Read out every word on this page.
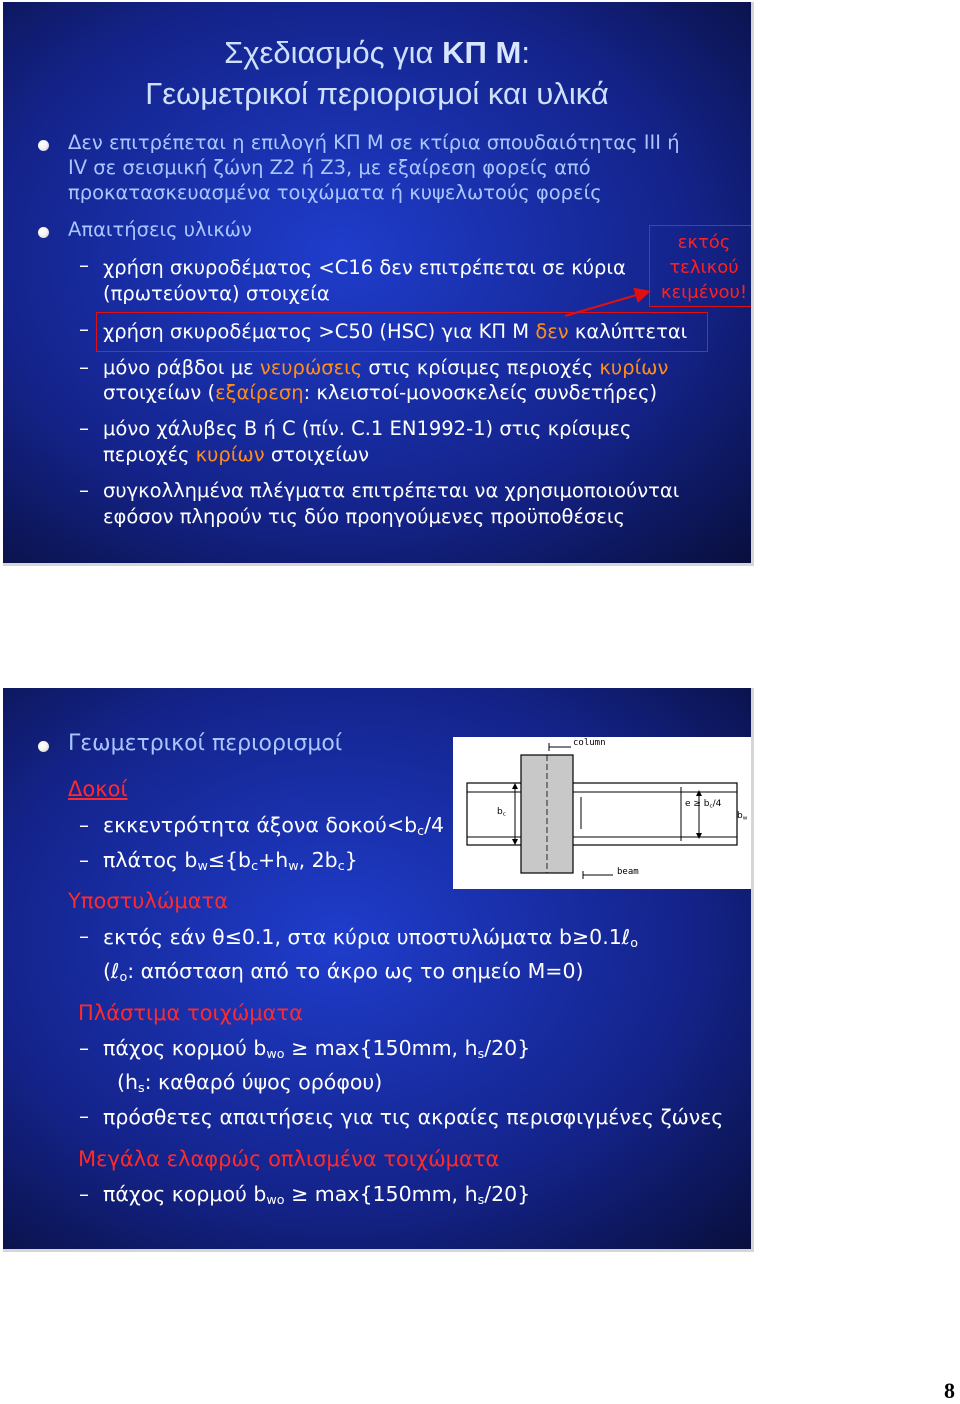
Σχεδιασμός για ΚΠ Μ:
Γεωμετρικοί περιορισμοί και υλικά
Δεν επιτρέπεται η επιλογή ΚΠ Μ σε κτίρια σπουδαιότητας ΙΙΙ ή
IV σε σεισμική ζώνη Ζ2 ή Ζ3, με εξαίρεση φορείς από
προκατασκευασμένα τοιχώματα ή κυψελωτούς φορείς
Απαιτήσεις υλικών
– χρήση σκυροδέματος <C16 δεν επιτρέπεται σε κύρια
(πρωτεύοντα) στοιχεία
εκτός
τελικού
κειμένου!
– χρήση σκυροδέματος >C50 (HSC) για ΚΠ Μ δεν καλύπτεται
– μόνο ράβδοι με νευρώσεις στις κρίσιμες περιοχές κυρίων
στοιχείων (εξαίρεση: κλειστοί-μονοσκελείς συνδετήρες)
– μόνο χάλυβες B ή C (πίν. C.1 EN1992-1) στις κρίσιμες
περιοχές κυρίων στοιχείων
– συγκολλημένα πλέγματα επιτρέπεται να χρησιμοποιούνται
εφόσον πληρούν τις δύο προηγούμενες προϋποθέσεις
Γεωμετρικοί περιορισμοί
Δοκοί
– εκκεντρότητα άξονα $\delta o\kappa oύ<b_c/4$
– πλάτος $b_w\le\{b_c+h_w$, $2b_c$}
Υποστυλώματα
– εκτός εάν θ≤0.1, στα κύρια υποστυλώματα b≥0.1ℓ$_o$
(ℓ$_o$: απόσταση από το άκρο ως το σημείο Μ=0)
Πλάστιμα τοιχώματα
– πάχος κορμού $b_{wo} \ge \max\{150mm$, $h_s/20$}
($h_s$: καθαρό ύψος ορόφου)
– πρόσθετες απαιτήσεις για τις ακραίες περισφιγμένες ζώνες
Μεγάλα ελαφρώς οπλισμένα τοιχώματα
– πάχος κορμού $b_{wo} \ge \max\{150mm$, $h_s/20$}
column
beam
$b_c$
$e \ge b_c/4$
$b_w$
8
